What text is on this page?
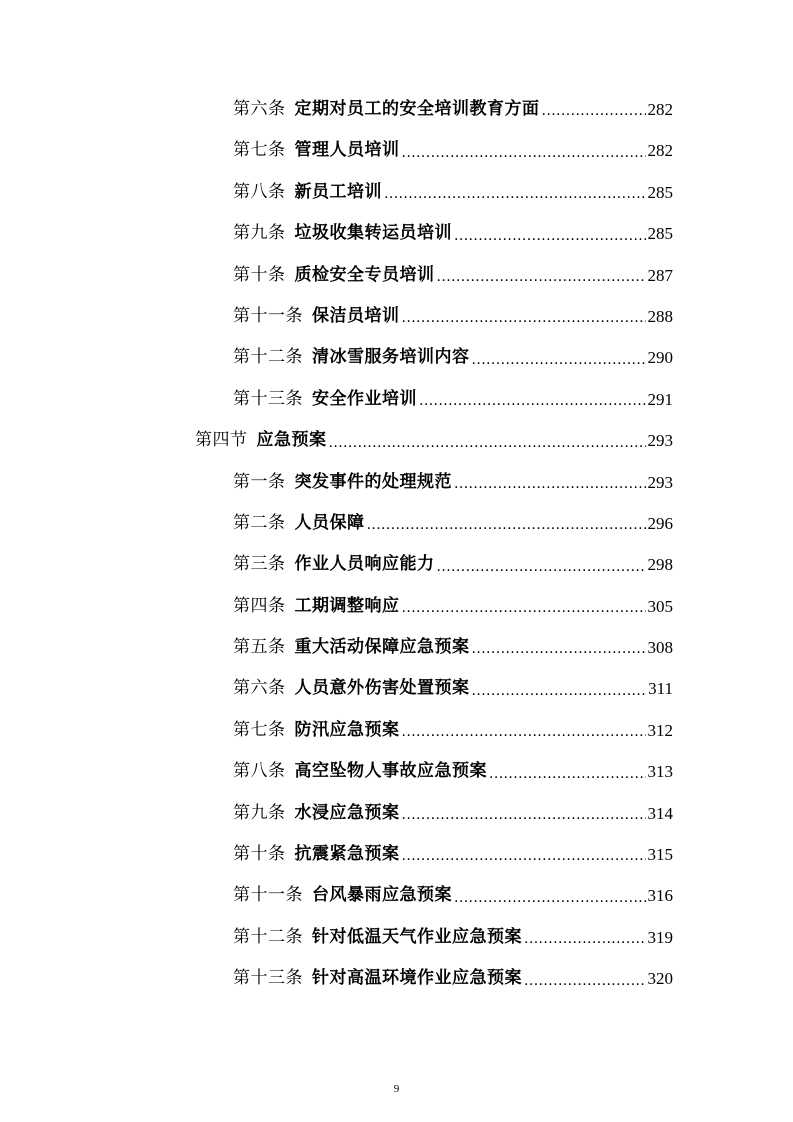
第六条 定期对员工的安全培训教育方面 .....	282
第七条 管理人员培训 .....	282
第八条 新员工培训 .....	285
第九条 垃圾收集转运员培训 .....	285
第十条 质检安全专员培训 .....	287
第十一条 保洁员培训 .....	288
第十二条 清冰雪服务培训内容 .....	290
第十三条 安全作业培训 .....	291
第四节 应急预案 .....	293
第一条 突发事件的处理规范 .....	293
第二条 人员保障 .....	296
第三条 作业人员响应能力 .....	298
第四条 工期调整响应 .....	305
第五条 重大活动保障应急预案 .....	308
第六条 人员意外伤害处置预案 .....	311
第七条 防汛应急预案 .....	312
第八条 高空坠物人事故应急预案 .....	313
第九条 水浸应急预案 .....	314
第十条 抗震紧急预案 .....	315
第十一条 台风暴雨应急预案 .....	316
第十二条 针对低温天气作业应急预案 .....	319
第十三条 针对高温环境作业应急预案 .....	320
9
